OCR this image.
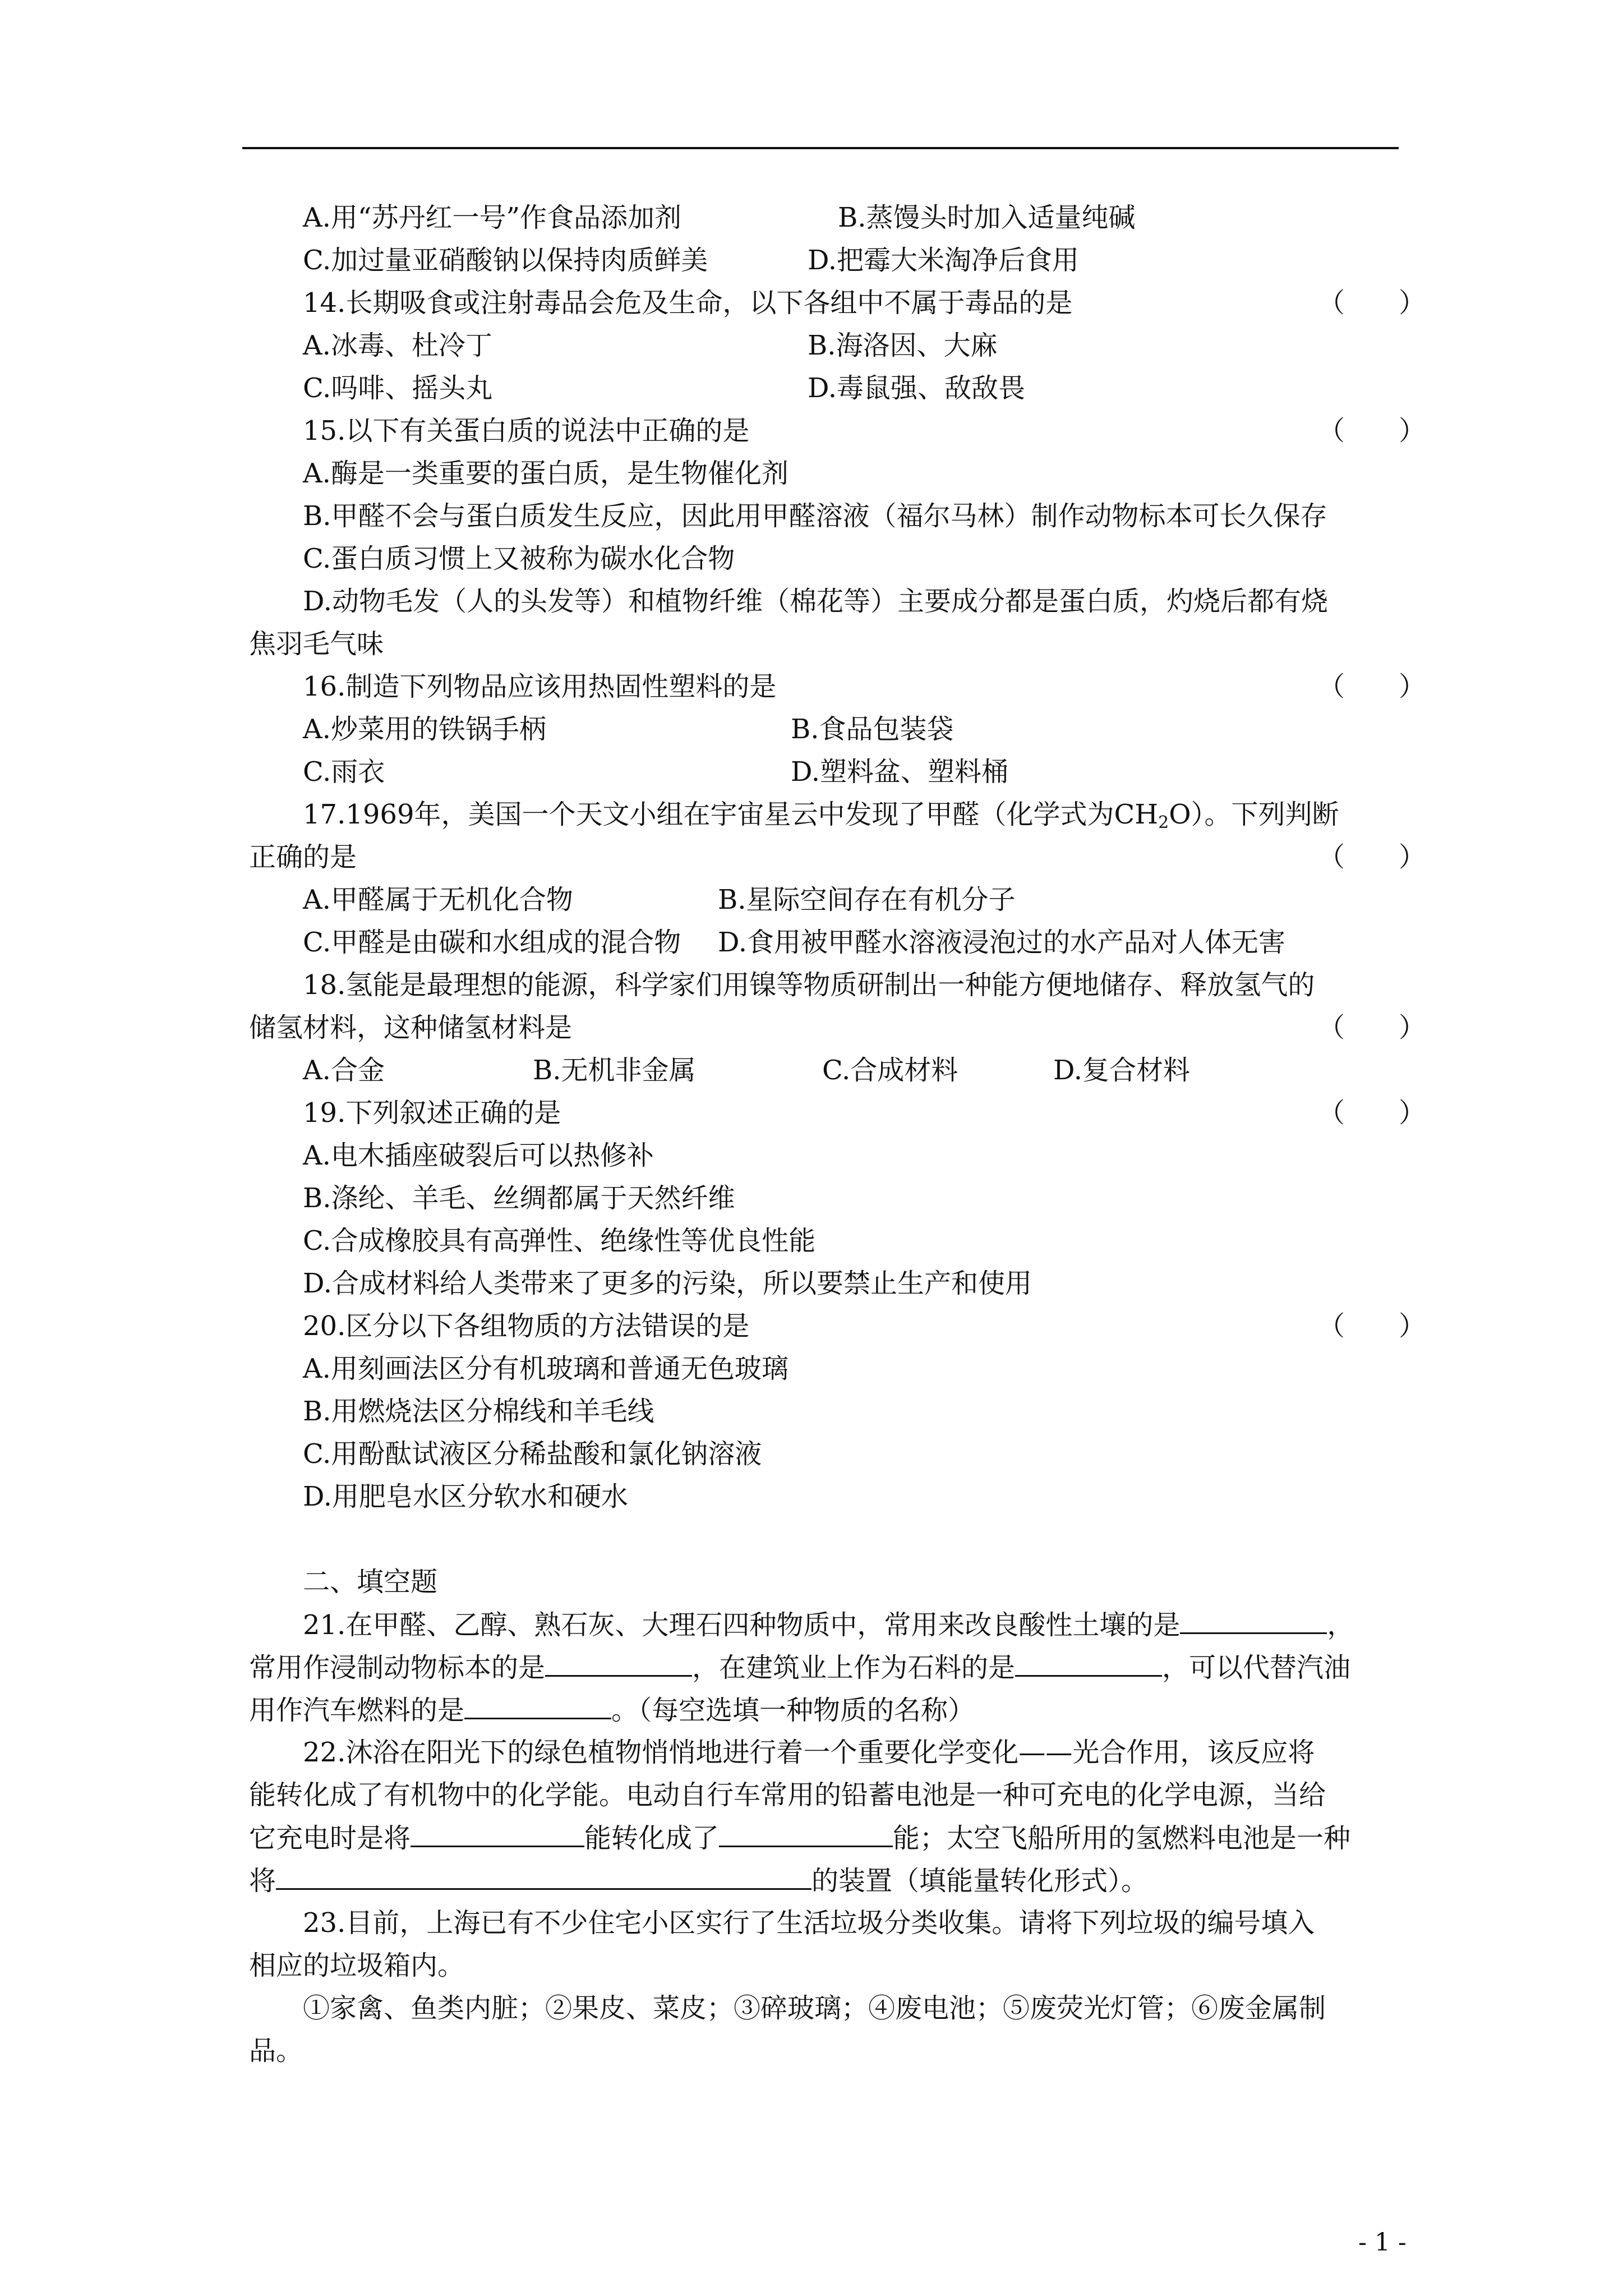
A.用“苏丹红一号”作食品添加剂	B.蒸馒头时加入适量纯碱
C.加过量亚硝酸钠以保持肉质鲜美	D.把霉大米淘净后食用
14.长期吸食或注射毒品会危及生命，以下各组中不属于毒品的是	（　　）
A.冰毒、杜冷丁	B.海洛因、大麻
C.吗啡、摇头丸	D.毒鼠强、敌敌畏
15.以下有关蛋白质的说法中正确的是	（　　）
A.酶是一类重要的蛋白质，是生物催化剂
B.甲醛不会与蛋白质发生反应，因此用甲醛溶液（福尔马林）制作动物标本可长久保存
C.蛋白质习惯上又被称为碳水化合物
D.动物毛发（人的头发等）和植物纤维（棉花等）主要成分都是蛋白质，灼烧后都有烧
焦羽毛气味
16.制造下列物品应该用热固性塑料的是	（　　）
A.炒菜用的铁锅手柄	B.食品包装袋
C.雨衣	D.塑料盆、塑料桶
17.1969年，美国一个天文小组在宇宙星云中发现了甲醛（化学式为$CH_2O$）。下列判断
正确的是	（　　）
A.甲醛属于无机化合物	B.星际空间存在有机分子
C.甲醛是由碳和水组成的混合物 D.食用被甲醛水溶液浸泡过的水产品对人体无害
18.氢能是最理想的能源，科学家们用镍等物质研制出一种能方便地储存、释放氢气的
储氢材料，这种储氢材料是	（　　）
A.合金	B.无机非金属	C.合成材料	D.复合材料
19.下列叙述正确的是	（　　）
A.电木插座破裂后可以热修补
B.涤纶、羊毛、丝绸都属于天然纤维
C.合成橡胶具有高弹性、绝缘性等优良性能
D.合成材料给人类带来了更多的污染，所以要禁止生产和使用
20.区分以下各组物质的方法错误的是	（　　）
A.用刻画法区分有机玻璃和普通无色玻璃
B.用燃烧法区分棉线和羊毛线
C.用酚酞试液区分稀盐酸和氯化钠溶液
D.用肥皂水区分软水和硬水
二、填空题
21.在甲醛、乙醇、熟石灰、大理石四种物质中，常用来改良酸性土壤的是	，
常用作浸制动物标本的是	，在建筑业上作为石料的是	，可以代替汽油
用作汽车燃料的是	。（每空选填一种物质的名称）
22.沐浴在阳光下的绿色植物悄悄地进行着一个重要化学变化——光合作用，该反应将
能转化成了有机物中的化学能。电动自行车常用的铅蓄电池是一种可充电的化学电源，当给
它充电时是将	能转化成了	能；太空飞船所用的氢燃料电池是一种
将	的装置（填能量转化形式）。
23.目前，上海已有不少住宅小区实行了生活垃圾分类收集。请将下列垃圾的编号填入
相应的垃圾箱内。
①家禽、鱼类内脏；②果皮、菜皮；③碎玻璃；④废电池；⑤废荧光灯管；⑥废金属制
品。
- 1 -
